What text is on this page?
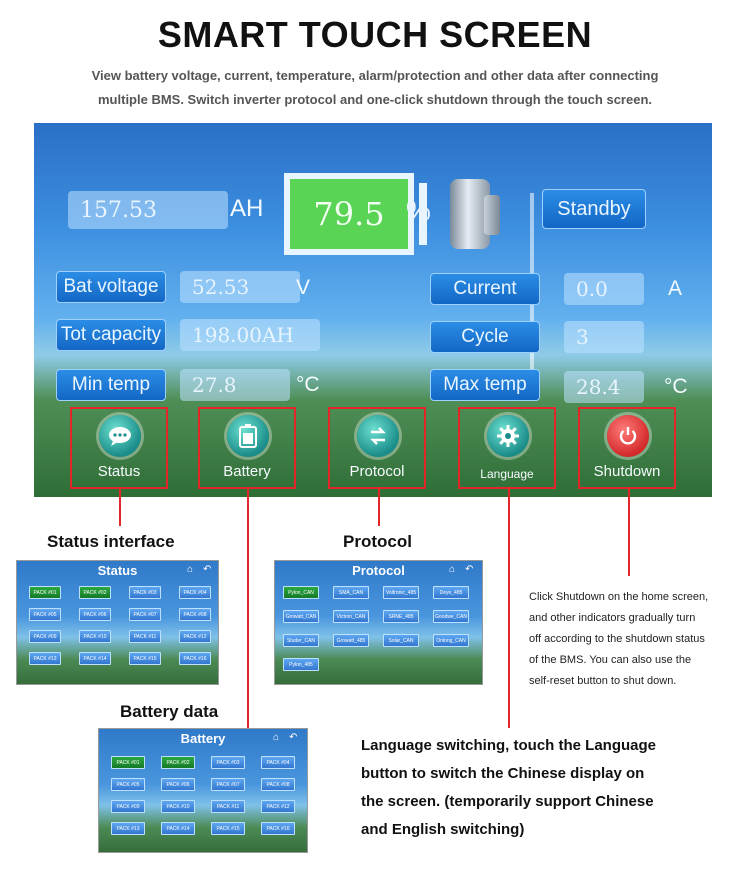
SMART TOUCH SCREEN
View battery voltage, current, temperature, alarm/protection and other data after connecting
multiple BMS. Switch inverter protocol and one-click shutdown through the touch screen.
157.53	AH	79.5 %	Standby
Bat voltage	52.53	V	Current	0.0	A
Tot capacity	198.00AH	Cycle	3
Min temp	27.8	°C	Max temp	28.4	°C
Status	Battery	Protocol	Language	Shutdown
Status interface	Protocol
Battery data
Status	⌂ ↶
PACK #01	PACK #02	PACK #03	PACK #04
PACK #05	PACK #06	PACK #07	PACK #08
PACK #09	PACK #10	PACK #11	PACK #12
PACK #13	PACK #14	PACK #15	PACK #16
Protocol	⌂ ↶
Pylon_CAN	SMA_CAN	Voltronic_485	Deye_485
Growatt_CAN	Victron_CAN	SRNE_485	Goodwe_CAN
Studer_CAN	Growatt_485	Solar_CAN	Onlong_CAN
Pylon_485
Battery	⌂ ↶
PACK #01	PACK #02	PACK #03	PACK #04
PACK #05	PACK #06	PACK #07	PACK #08
PACK #09	PACK #10	PACK #11	PACK #12
PACK #13	PACK #14	PACK #15	PACK #16
Click Shutdown on the home screen,
and other indicators gradually turn
off according to the shutdown status
of the BMS. You can also use the
self-reset button to shut down.
Language switching, touch the Language
button to switch the Chinese display on
the screen. (temporarily support Chinese
and English switching)
